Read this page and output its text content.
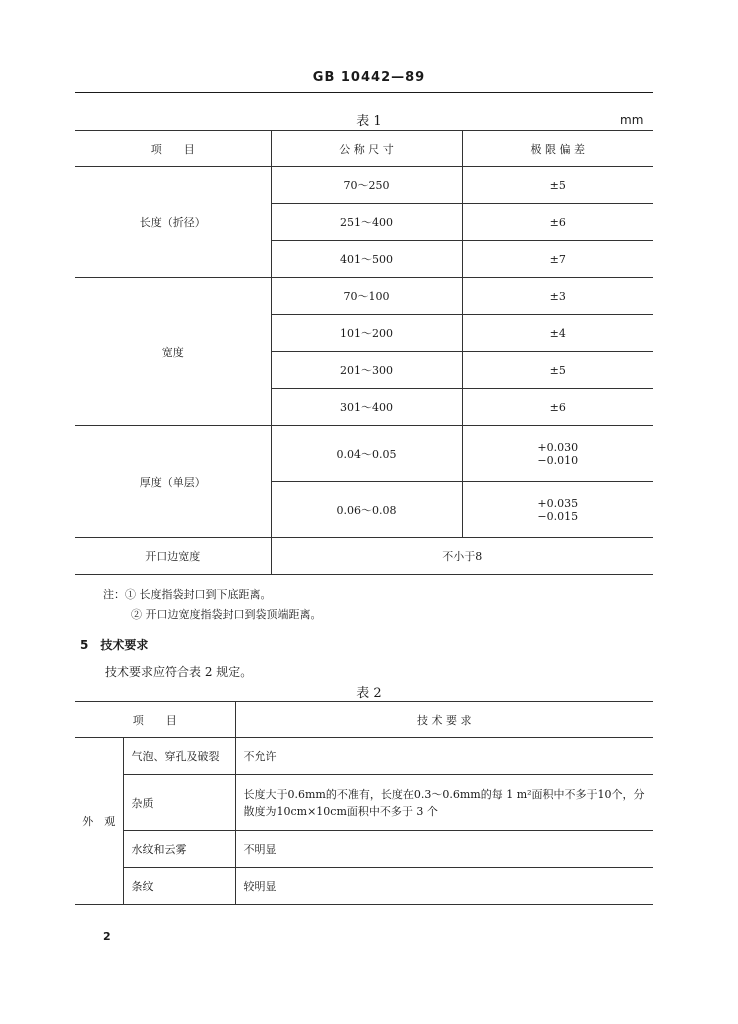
GB 10442—89
表 1	mm
项　　目	公 称 尺 寸	极 限 偏 差
长度（折径）	70～250	±5
	251～400	±6
	401～500	±7
宽度	70～100	±3
	101～200	±4
	201～300	±5
	301～400	±6
厚度（单层）	0.04～0.05	+0.030
−0.010

	0.06～0.08	+0.035
−0.015

开口边宽度	不小于8	
注：① 长度指袋封口到下底距离。
② 开口边宽度指袋封口到袋顶端距离。
5　技术要求
技术要求应符合表 2 规定。
表 2
项　　目		技 术 要 求
外　观	气泡、穿孔及破裂	不允许
	杂质	长度大于0.6mm的不准有，长度在0.3～0.6mm的每 1 m²面积中不多于10个，分
散度为10cm×10cm面积中不多于 3 个

	水纹和云雾	不明显
	条纹	较明显
2
